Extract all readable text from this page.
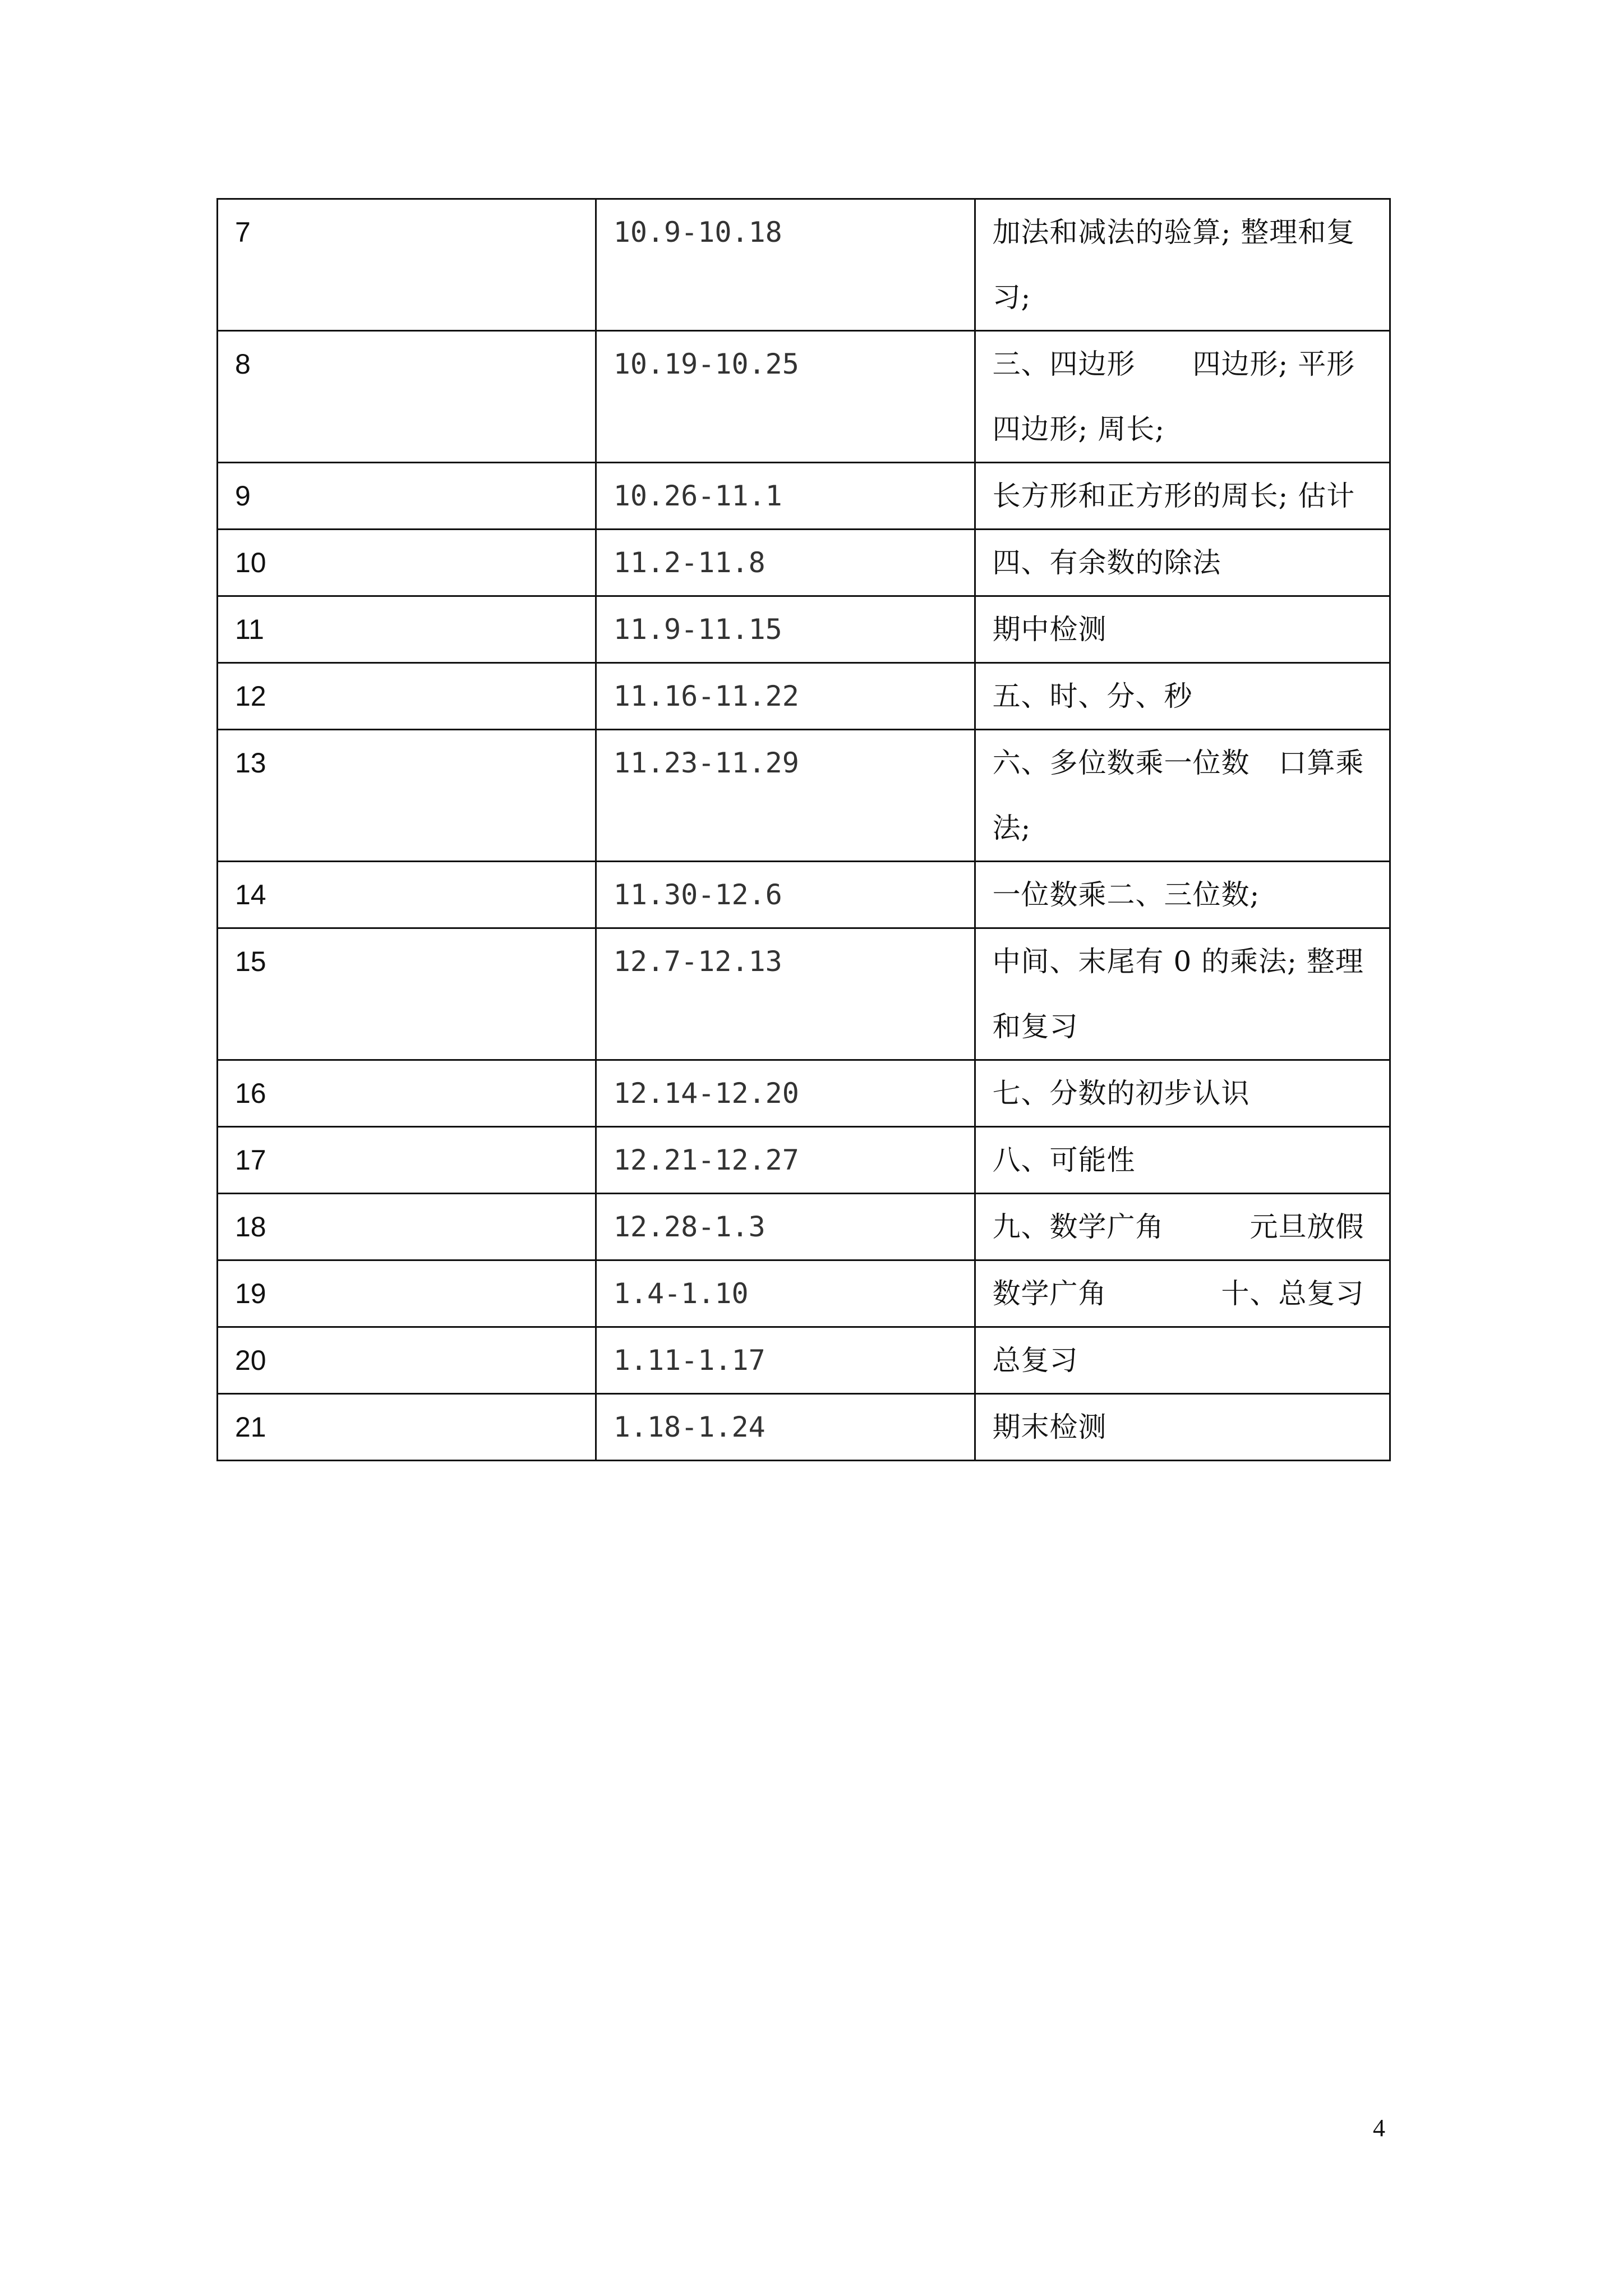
7	10.9-10.18	加法和减法的验算; 整理和复习;
8	10.19-10.25	三、四边形　　四边形; 平形四边形; 周长;
9	10.26-11.1	长方形和正方形的周长; 估计
10	11.2-11.8	四、有余数的除法
11	11.9-11.15	期中检测
12	11.16-11.22	五、时、分、秒
13	11.23-11.29	六、多位数乘一位数　口算乘法;
14	11.30-12.6	一位数乘二、三位数;
15	12.7-12.13	中间、末尾有 0 的乘法; 整理和复习
16	12.14-12.20	七、分数的初步认识
17	12.21-12.27	八、可能性
18	12.28-1.3	九、数学广角　　　元旦放假
19	1.4-1.10	数学广角　　　　十、总复习
20	1.11-1.17	总复习
21	1.18-1.24	期末检测
4
